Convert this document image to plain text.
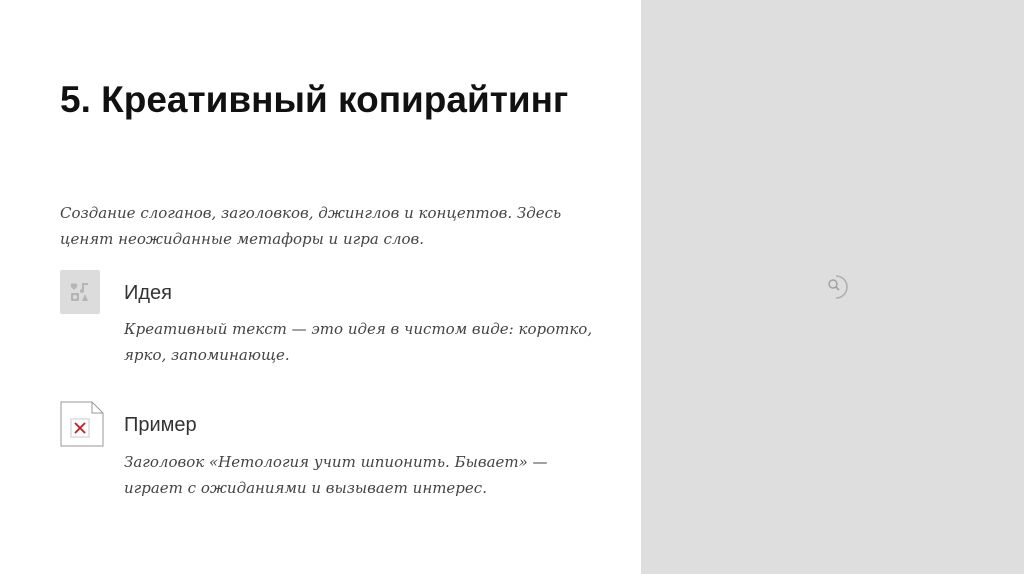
5. Креативный копирайтинг
Создание слоганов, заголовков, джинглов и концептов. Здесь ценят неожиданные метафоры и игра слов.
Идея
Креативный текст — это идея в чистом виде: коротко, ярко, запоминающе.
Пример
Заголовок «Нетология учит шпионить. Бывает» — играет с ожиданиями и вызывает интерес.
